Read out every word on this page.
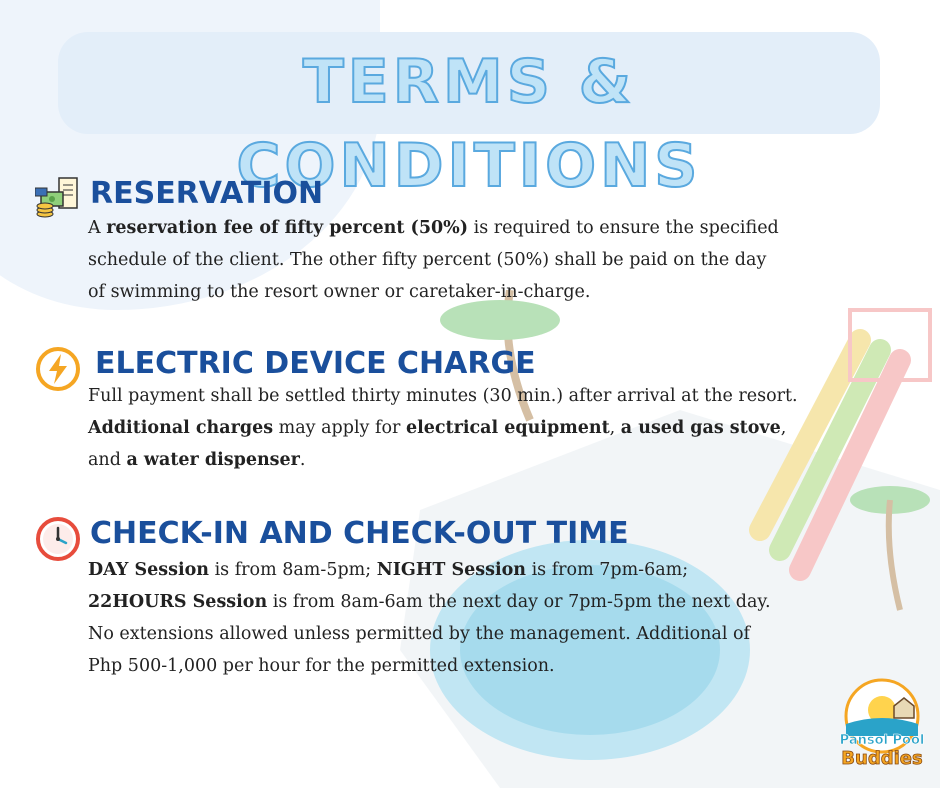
TERMS & CONDITIONS
RESERVATION

A reservation fee of fifty percent (50%) is required to ensure the specified

schedule of the client. The other fifty percent (50%) shall be paid on the day

of swimming to the resort owner or caretaker-in-charge.

ELECTRIC DEVICE CHARGE

Full payment shall be settled thirty minutes (30 min.) after arrival at the resort.

Additional charges may apply for electrical equipment, a used gas stove,

and a water dispenser.

CHECK-IN AND CHECK-OUT TIME

DAY Session is from 8am-5pm; NIGHT Session is from 7pm-6am;

22HOURS Session is from 8am-6am the next day or 7pm-5pm the next day.

No extensions allowed unless permitted by the management. Additional of

Php 500-1,000 per hour for the permitted extension.

Pansol Pool
Buddies
